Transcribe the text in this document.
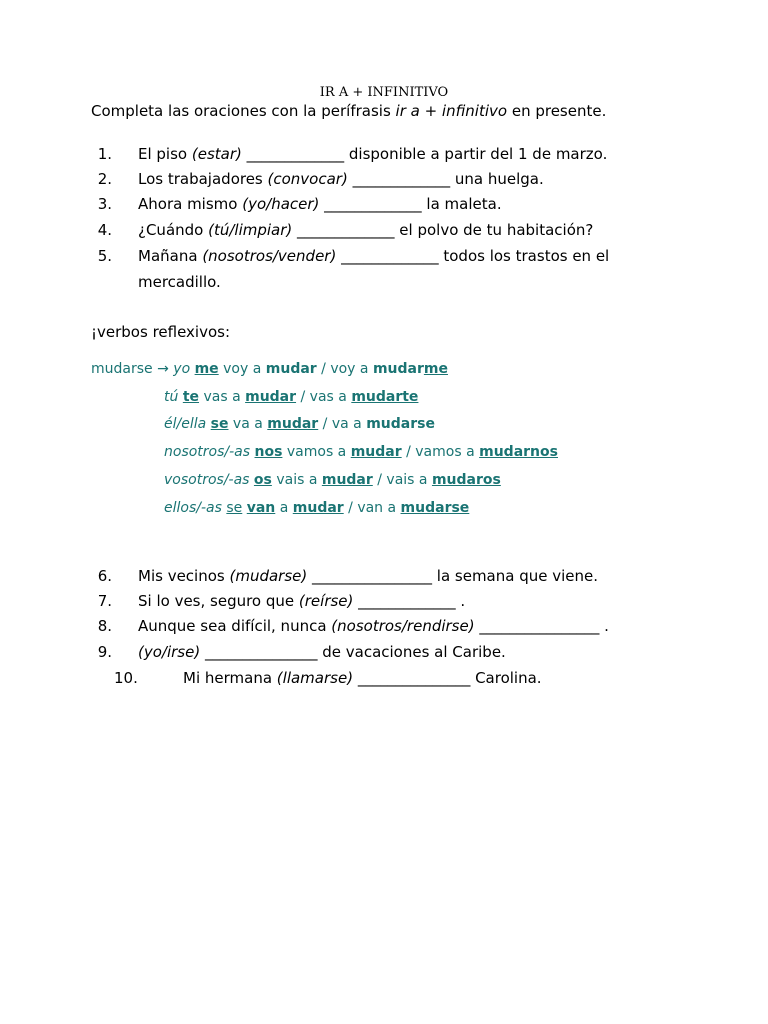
IR A + INFINITIVO
Completa las oraciones con la perífrasis ir a + infinitivo en presente.
1. El piso (estar) _____________ disponible a partir del 1 de marzo.
2. Los trabajadores (convocar) _____________ una huelga.
3. Ahora mismo (yo/hacer) _____________ la maleta.
4. ¿Cuándo (tú/limpiar) _____________ el polvo de tu habitación?
5. Mañana (nosotros/vender) _____________ todos los trastos en el
mercadillo.
¡verbos reflexivos:
mudarse → yo me voy a mudar / voy a mudarme
tú te vas a mudar / vas a mudarte
él/ella se va a mudar / va a mudarse
nosotros/-as nos vamos a mudar / vamos a mudarnos
vosotros/-as os vais a mudar / vais a mudaros
ellos/-as se van a mudar / van a mudarse
6. Mis vecinos (mudarse) ________________ la semana que viene.
7. Si lo ves, seguro que (reírse) _____________ .
8. Aunque sea difícil, nunca (nosotros/rendirse) ________________ .
9. (yo/irse) _______________ de vacaciones al Caribe.
10.	Mi hermana (llamarse) _______________ Carolina.
